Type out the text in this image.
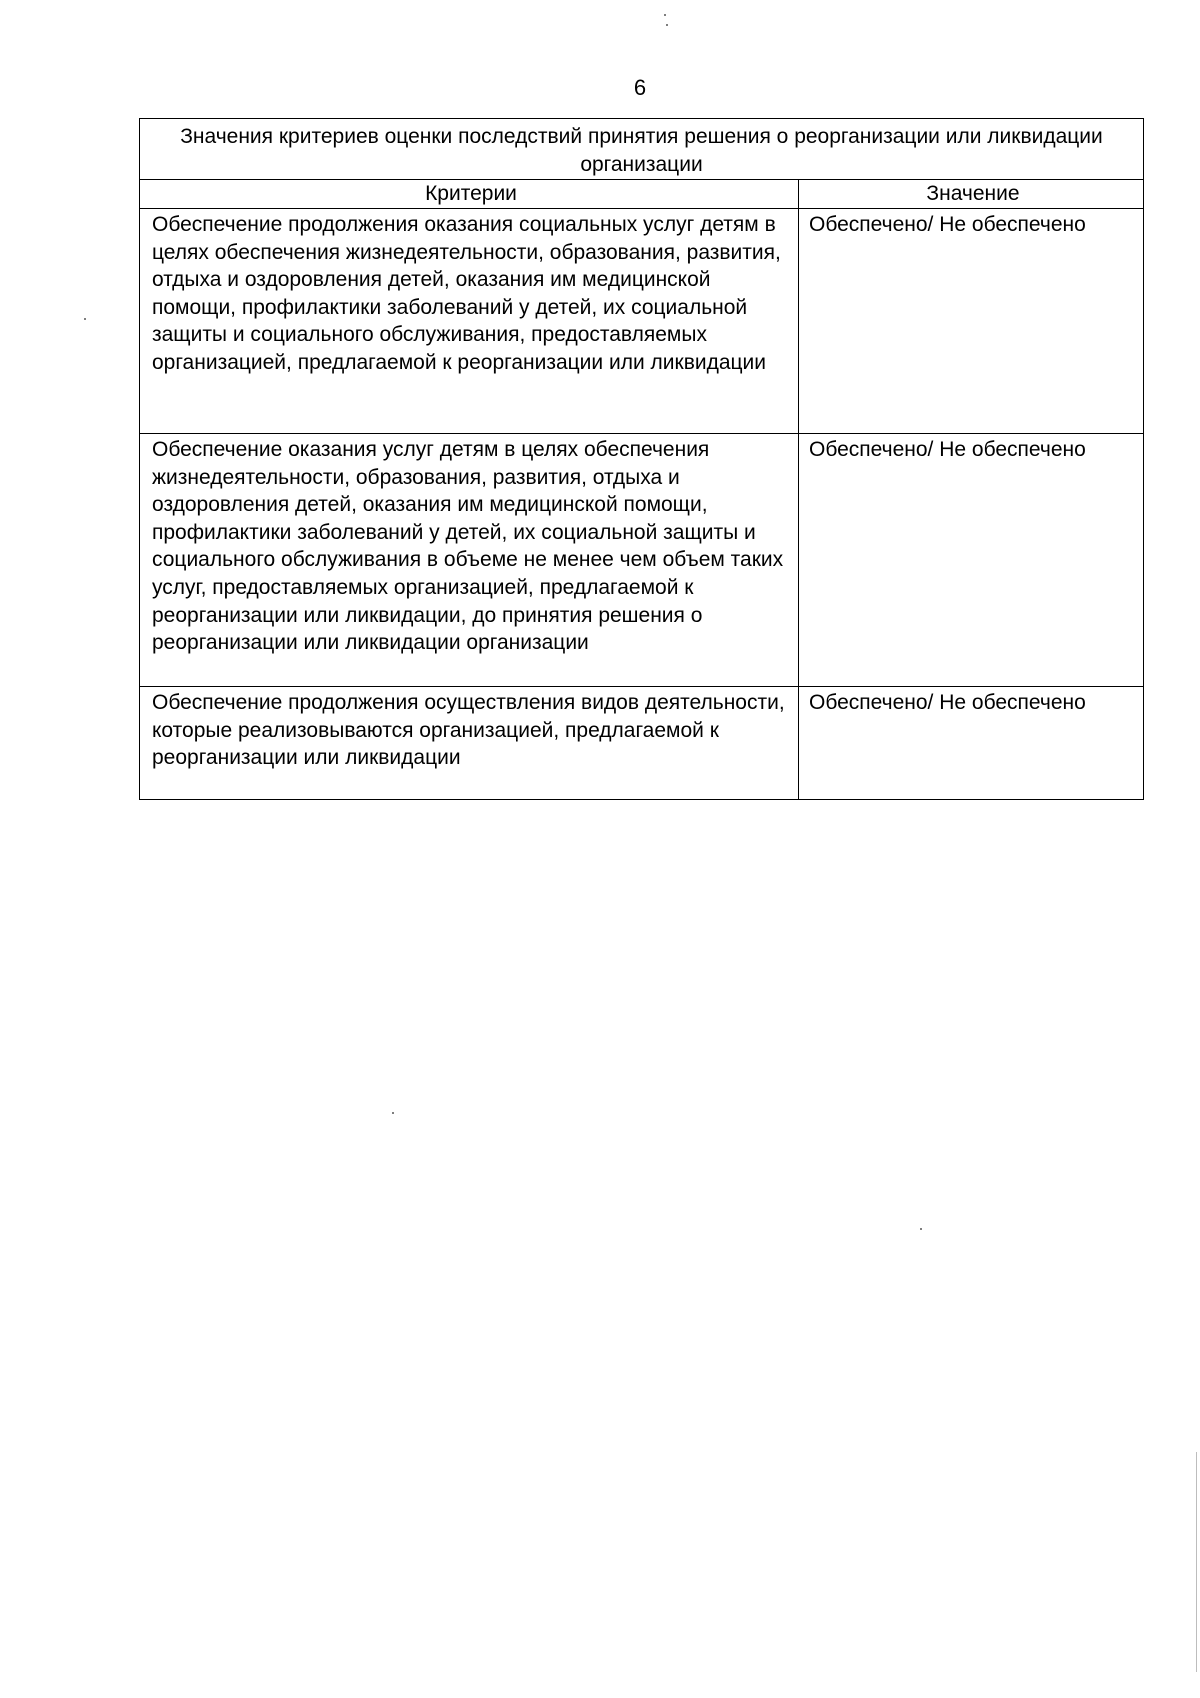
6
Значения критериев оценки последствий принятия решения о реорганизации или ликвидации организации	
Критерии	Значение
Обеспечение продолжения оказания социальных услуг детям в целях обеспечения жизнедеятельности, образования, развития, отдыха и оздоровления детей, оказания им медицинской помощи, профилактики заболеваний у детей, их социальной защиты и социального обслуживания, предоставляемых организацией, предлагаемой к реорганизации или ликвидации	Обеспечено/ Не обеспечено
Обеспечение оказания услуг детям в целях обеспечения жизнедеятельности, образования, развития, отдыха и оздоровления детей, оказания им медицинской помощи, профилактики заболеваний у детей, их социальной защиты и социального обслуживания в объеме не менее чем объем таких услуг, предоставляемых организацией, предлагаемой к реорганизации или ликвидации, до принятия решения о реорганизации или ликвидации организации	Обеспечено/ Не обеспечено
Обеспечение продолжения осуществления видов деятельности, которые реализовываются организацией, предлагаемой к реорганизации или ликвидации	Обеспечено/ Не обеспечено
